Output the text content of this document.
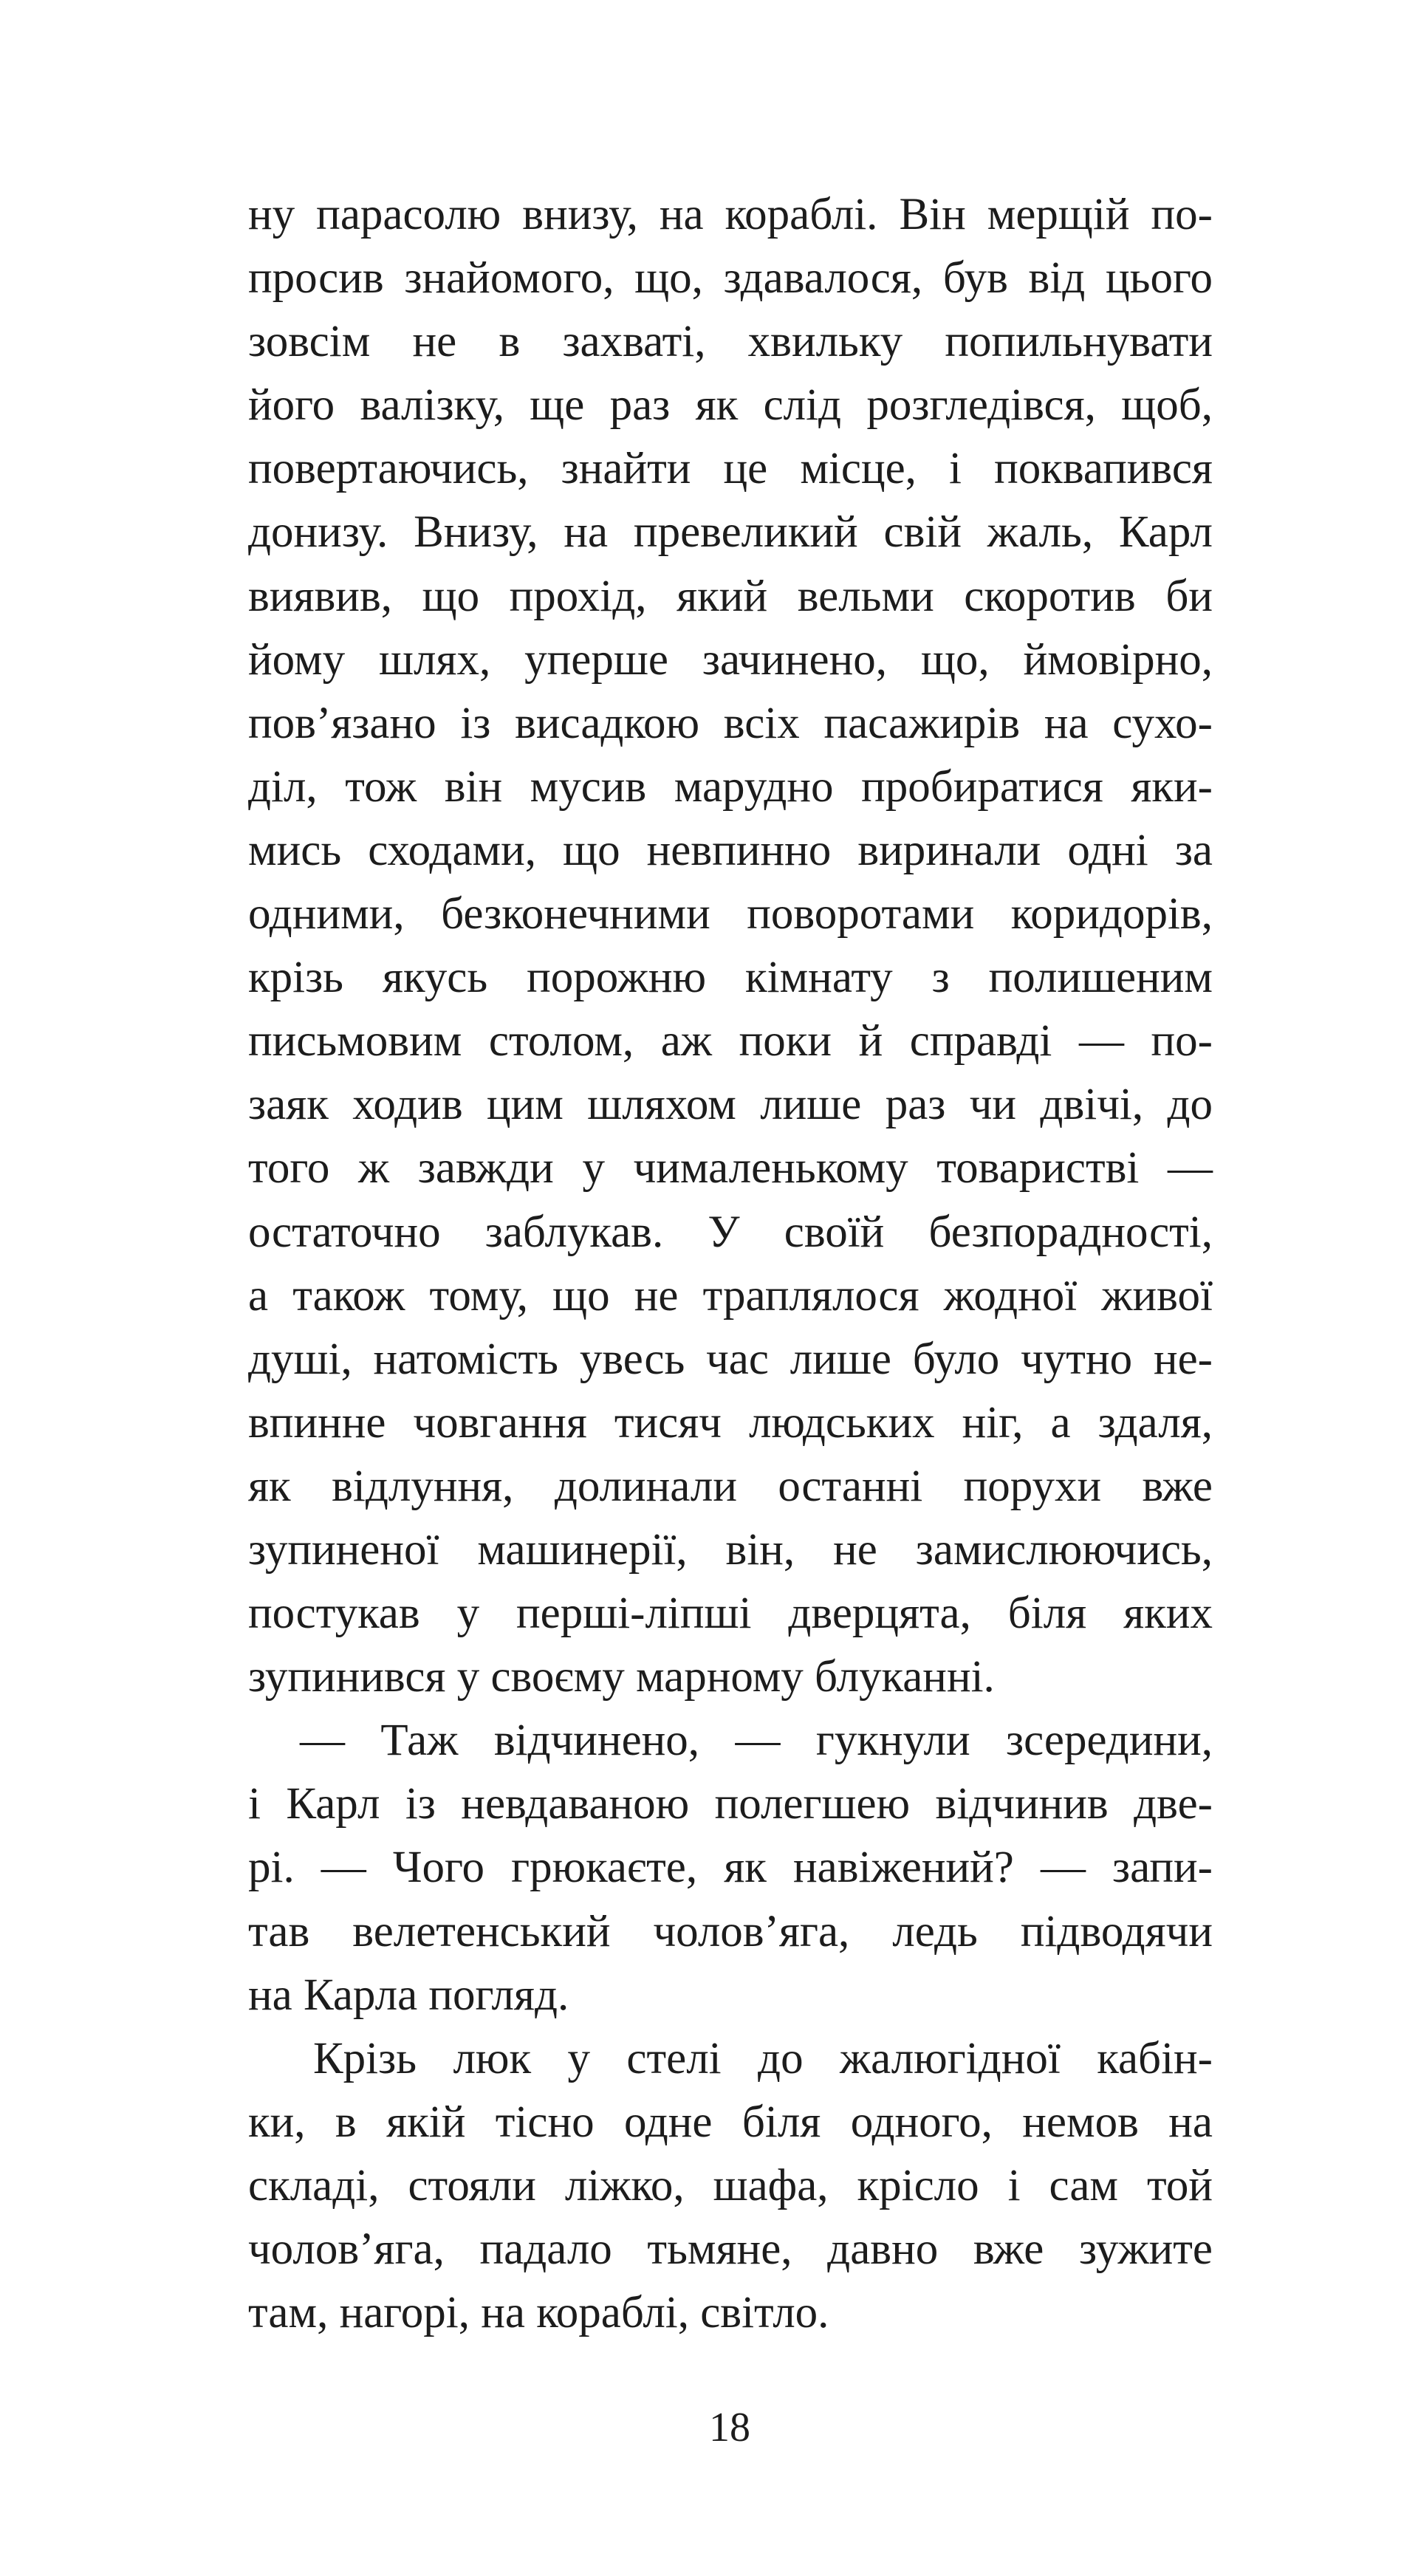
ну парасолю внизу, на кораблі. Він мерщій по-
просив знайомого, що, здавалося, був від цього
зовсім не в захваті, хвильку попильнувати
його валізку, ще раз як слід розгледівся, щоб,
повертаючись, знайти це місце, і поквапився
донизу. Внизу, на превеликий свій жаль, Карл
виявив, що прохід, який вельми скоротив би
йому шлях, уперше зачинено, що, ймовірно,
пов’язано із висадкою всіх пасажирів на сухо-
діл, тож він мусив марудно пробиратися яки-
мись сходами, що невпинно виринали одні за
одними, безконечними поворотами коридорів,
крізь якусь порожню кімнату з полишеним
письмовим столом, аж поки й справді — по-
заяк ходив цим шляхом лише раз чи двічі, до
того ж завжди у чималенькому товаристві —
остаточно заблукав. У своїй безпорадності,
а також тому, що не траплялося жодної живої
душі, натомість увесь час лише було чутно не-
впинне човгання тисяч людських ніг, а здаля,
як відлуння, долинали останні порухи вже
зупиненої машинерії, він, не замислюючись,
постукав у перші-ліпші дверцята, біля яких
зупинився у своєму марному блуканні.
— Таж відчинено, — гукнули зсередини,
і Карл із невдаваною полегшею відчинив две-
рі. — Чого грюкаєте, як навіжений? — запи-
тав велетенський чолов’яга, ледь підводячи
на Карла погляд.
Крізь люк у стелі до жалюгідної кабін-
ки, в якій тісно одне біля одного, немов на
складі, стояли ліжко, шафа, крісло і сам той
чолов’яга, падало тьмяне, давно вже зужите
там, нагорі, на кораблі, світло.
18
